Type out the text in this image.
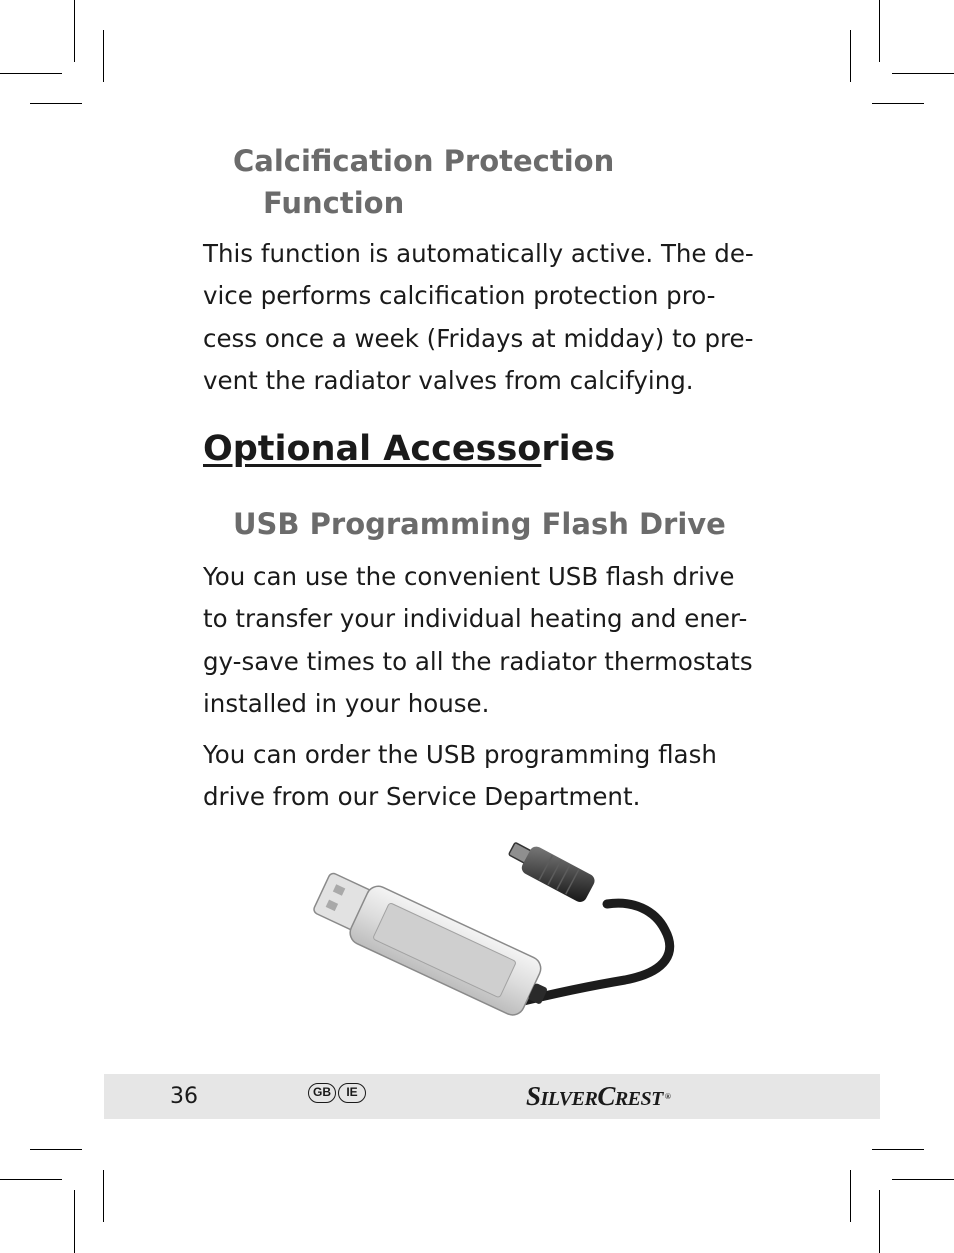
Calcification Protection
Function

This function is automatically active. The de-
vice performs calcification protection pro-
cess once a week (Fridays at midday) to pre-
vent the radiator valves from calcifying.

Optional Accessories
USB Programming Flash Drive

You can use the convenient USB flash drive
to transfer your individual heating and ener-
gy-save times to all the radiator thermostats
installed in your house.

You can order the USB programming flash
drive from our Service Department.

36	GB	IE	SILVERCREST ®
